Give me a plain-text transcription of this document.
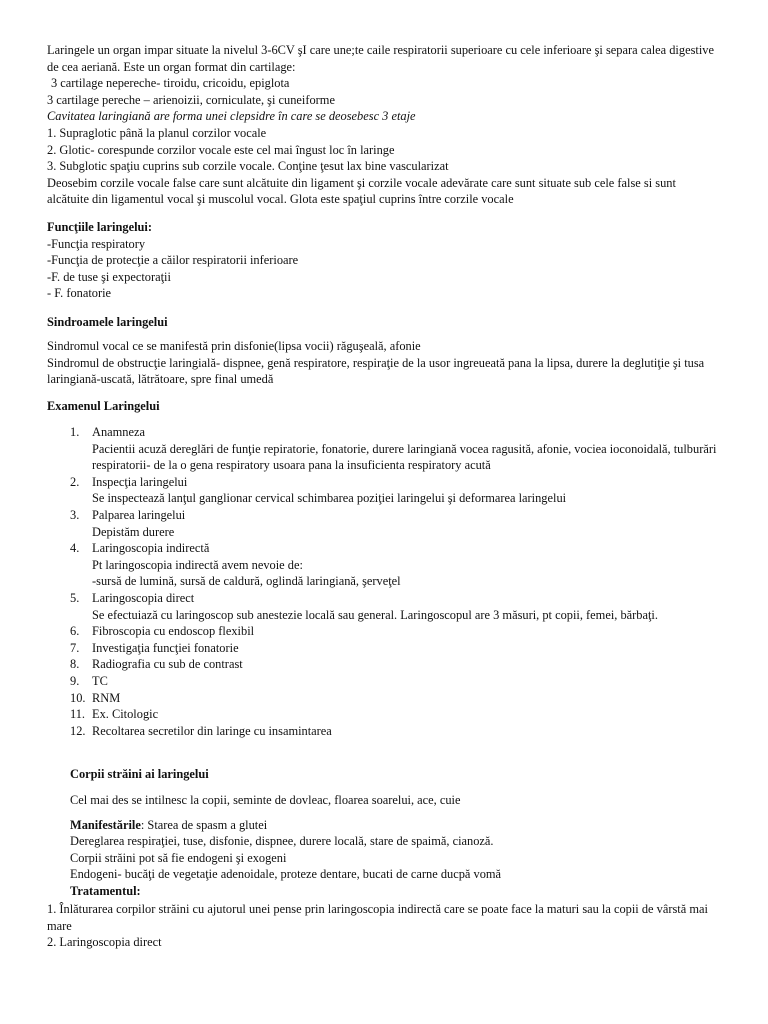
Laringele un organ impar situate la nivelul 3-6CV şI care une;te caile respiratorii superioare cu cele inferioare şi separa calea digestive de cea aeriană. Este un organ format din cartilage:

3 cartilage nepereche- tiroidu, cricoidu, epiglota

3 cartilage pereche – arienoizii, corniculate, şi cuneiforme

Cavitatea laringiană are forma unei clepsidre în care se deosebesc 3 etaje

1. Supraglotic până la planul corzilor vocale

2. Glotic- corespunde corzilor vocale este cel mai îngust loc în laringe

3. Subglotic spaţiu cuprins sub corzile vocale. Conţine ţesut lax bine vascularizat

Deosebim corzile vocale false care sunt alcătuite din ligament şi corzile vocale adevărate care sunt situate sub cele false si sunt alcătuite din ligamentul vocal şi muscolul vocal. Glota este spaţiul cuprins între corzile vocale

Funcţiile laringelui:

-Funcţia respiratory

-Funcţia de protecţie a căilor respiratorii inferioare

-F. de tuse şi expectoraţii

- F. fonatorie

Sindroamele laringelui

Sindromul vocal ce se manifestă prin disfonie(lipsa vocii) răguşeală, afonie

Sindromul de obstrucţie laringială- dispnee, genă respiratore, respiraţie de la usor ingreueată pana la lipsa, durere la deglutiţie şi tusa laringiană-uscată, lătrătoare, spre final umedă

Examenul Laringelui
1. Anamneza
Pacientii acuză dereglări de funţie repiratorie, fonatorie, durere laringiană vocea ragusită, afonie, vociea ioconoidală, tulburări respiratorii- de la o gena respiratory usoara pana la insuficienta respiratory acută
2. Inspecţia laringelui
Se inspectează lanţul ganglionar cervical schimbarea poziţiei laringelui şi deformarea laringelui
3. Palparea laringelui
Depistăm durere
4. Laringoscopia indirectă
Pt laringoscopia indirectă avem nevoie de:
-sursă de lumină, sursă de caldură, oglindă laringiană, şerveţel
5. Laringoscopia direct
Se efectuiază cu laringoscop sub anestezie locală sau general. Laringoscopul are 3 măsuri, pt copii, femei, bărbaţi.
6. Fibroscopia cu endoscop flexibil
7. Investigaţia funcţiei fonatorie
8. Radiografia cu sub de contrast
9. TC
10. RNM
11. Ex. Citologic
12. Recoltarea secretilor din laringe cu insamintarea
Corpii străini ai laringelui

Cel mai des se intilnesc la copii, seminte de dovleac, floarea soarelui, ace, cuie

Manifestările: Starea de spasm a glutei

Dereglarea respiraţiei, tuse, disfonie, dispnee, durere locală, stare de spaimă, cianoză.

Corpii străini pot să fie endogeni şi exogeni

Endogeni- bucăţi de vegetaţie adenoidale, proteze dentare, bucati de carne ducpă vomă

Tratamentul:

1. Înlăturarea corpilor străini cu ajutorul unei pense prin laringoscopia indirectă care se poate face la maturi sau la copii de vârstă mai mare

2. Laringoscopia direct
